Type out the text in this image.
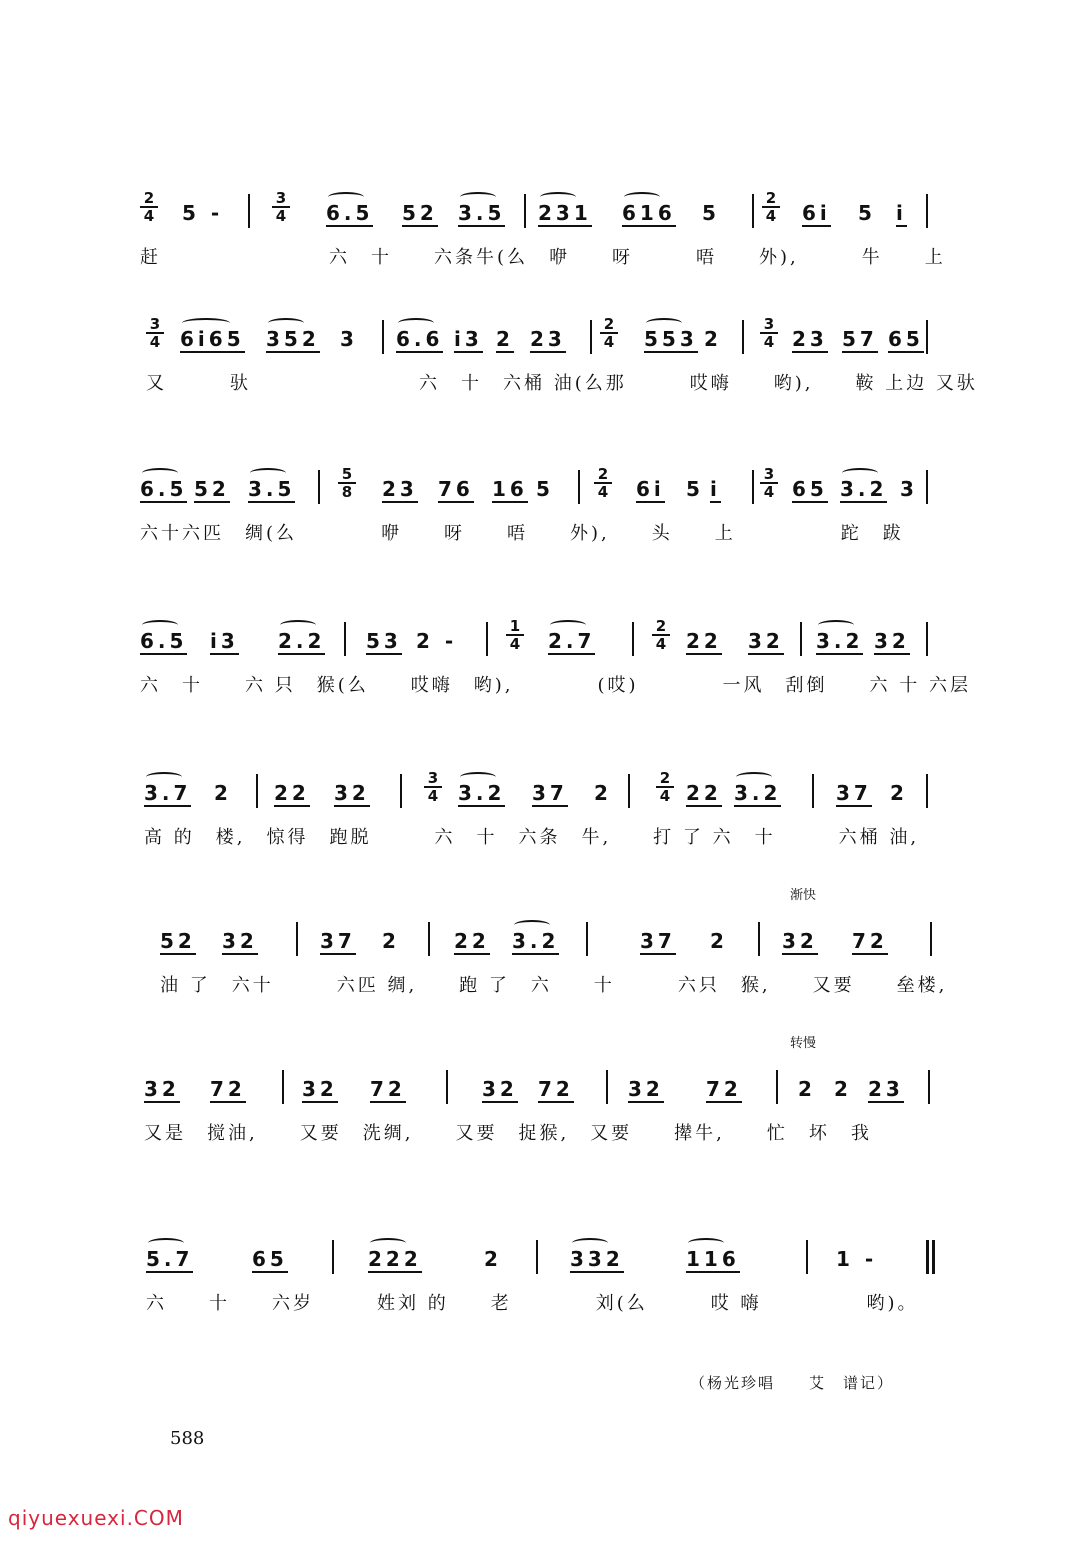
$\frac{2}{4} 5$ -	$\frac{3}{4} 6.5$ 52 3.5 231 616 5	$\frac{2}{4} 6i$ 5 i
赶　　　　　　　　六　十　　六条牛(么　咿　　呀　　　唔　　外),　　　牛　　上
$\frac{3}{4} 6i65$ 352 3 6.6 i3 2 $23 \frac{2}{4} 553$ 2	$\frac{3}{4} 23$ 57 65
又　　　驮　　　　　　　　六　十　六桶 油(么那　　　哎嗨　　哟),　　鞍 上边 又驮
6.5 52 3.5	$\frac{5}{8} 23$ 76 16 5	$\frac{2}{4} 6i$ 5 i	$\frac{3}{4} 65$ 3.2 3
六十六匹　绸(么　　　　咿　　呀　　唔　　外),　　头　　上　　　　　跎　跋
6.5 i3 2.2 53 2 -	$\frac{1}{4} 2.7$	$\frac{2}{4} 22$ 32 3.2 32
六　十　　六 只　猴(么　　哎嗨　哟),　　　　(哎)　　　　一风　刮倒　　六 十 六层
3.7 2 22 32	$\frac{3}{4} 3.2$ 37 2	$\frac{2}{4} 22$ 3.2	37 2
高 的　楼,　惊得　跑脱　　　六　十　六条　牛,　　打 了 六　十　　　六桶 油,
52 32	37 2	22 3.2	37 2	32 72
油 了　六十　　　六匹 绸,　　跑 了　六　　十　　　六只　猴,　　又要　　垒楼,
渐快
32 72	32 72	32 72	32 72	2 2 23
又是　搅油,　　又要　洗绸,　　又要　捉猴,　又要　　撵牛,　　忙　坏　我
转慢
5.7	65	222	2	332	116	1 -
六　　十　　六岁　　　姓刘 的　　老　　　　刘(么　　　哎 嗨　　　　　哟)。
（杨光珍唱　　艾　谱记）
588
qiyuexuexi.COM
